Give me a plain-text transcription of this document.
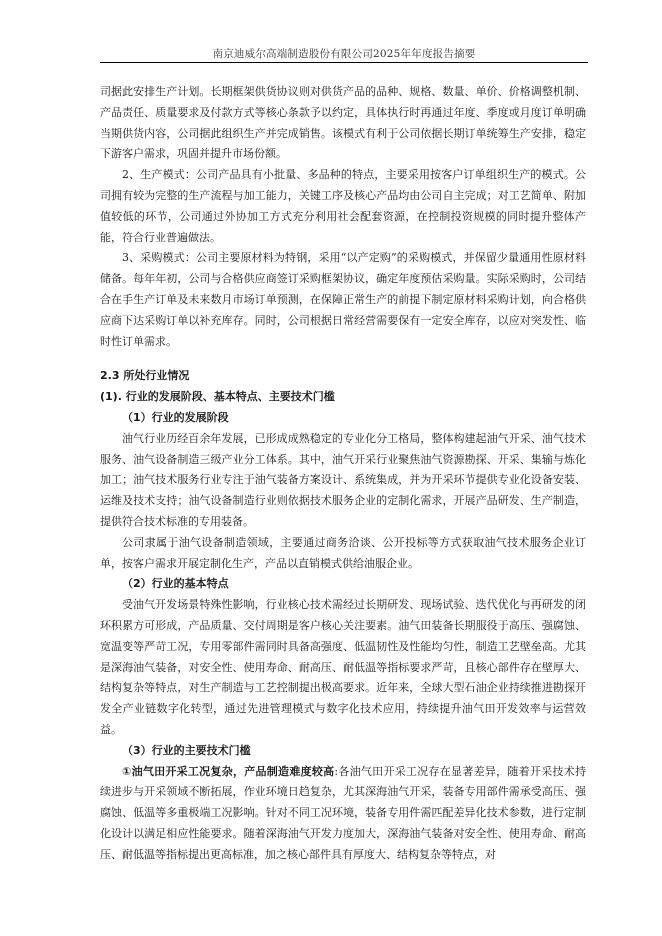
南京迪威尔高端制造股份有限公司2025年年度报告摘要

司据此安排生产计划。长期框架供货协议则对供货产品的品种、规格、数量、单价、价格调整机制、产品责任、质量要求及付款方式等核心条款予以约定，具体执行时再通过年度、季度或月度订单明确当期供货内容，公司据此组织生产并完成销售。该模式有利于公司依据长期订单统筹生产安排，稳定下游客户需求，巩固并提升市场份额。

2、生产模式：公司产品具有小批量、多品种的特点，主要采用按客户订单组织生产的模式。公司拥有较为完整的生产流程与加工能力，关键工序及核心产品均由公司自主完成；对工艺简单、附加值较低的环节，公司通过外协加工方式充分利用社会配套资源，在控制投资规模的同时提升整体产能，符合行业普遍做法。

3、采购模式：公司主要原材料为特钢，采用“以产定购”的采购模式，并保留少量通用性原材料储备。每年年初，公司与合格供应商签订采购框架协议，确定年度预估采购量。实际采购时，公司结合在手生产订单及未来数月市场订单预测，在保障正常生产的前提下制定原材料采购计划，向合格供应商下达采购订单以补充库存。同时，公司根据日常经营需要保有一定安全库存，以应对突发性、临时性订单需求。

2.3 所处行业情况
(1). 行业的发展阶段、基本特点、主要技术门槛
（1）行业的发展阶段

油气行业历经百余年发展，已形成成熟稳定的专业化分工格局，整体构建起油气开采、油气技术服务、油气设备制造三级产业分工体系。其中，油气开采行业聚焦油气资源勘探、开采、集输与炼化加工；油气技术服务行业专注于油气装备方案设计、系统集成，并为开采环节提供专业化设备安装、运维及技术支持；油气设备制造行业则依据技术服务企业的定制化需求，开展产品研发、生产制造，提供符合技术标准的专用装备。

公司隶属于油气设备制造领域，主要通过商务洽谈、公开投标等方式获取油气技术服务企业订单，按客户需求开展定制化生产，产品以直销模式供给油服企业。

（2）行业的基本特点

受油气开发场景特殊性影响，行业核心技术需经过长期研发、现场试验、迭代优化与再研发的闭环积累方可形成，产品质量、交付周期是客户核心关注要素。油气田装备长期服役于高压、强腐蚀、宽温变等严苛工况，专用零部件需同时具备高强度、低温韧性及性能均匀性，制造工艺壁垒高。尤其是深海油气装备，对安全性、使用寿命、耐高压、耐低温等指标要求严苛，且核心部件存在壁厚大、结构复杂等特点，对生产制造与工艺控制提出极高要求。近年来，全球大型石油企业持续推进勘探开发全产业链数字化转型，通过先进管理模式与数字化技术应用，持续提升油气田开发效率与运营效益。

（3）行业的主要技术门槛

①油气田开采工况复杂，产品制造难度较高:各油气田开采工况存在显著差异，随着开采技术持续进步与开采领域不断拓展，作业环境日趋复杂，尤其深海油气开采，装备专用部件需承受高压、强腐蚀、低温等多重极端工况影响。针对不同工况环境，装备专用件需匹配差异化技术参数，进行定制化设计以满足相应性能要求。随着深海油气开发力度加大，深海油气装备对安全性、使用寿命、耐高压、耐低温等指标提出更高标准，加之核心部件具有厚度大、结构复杂等特点，对
